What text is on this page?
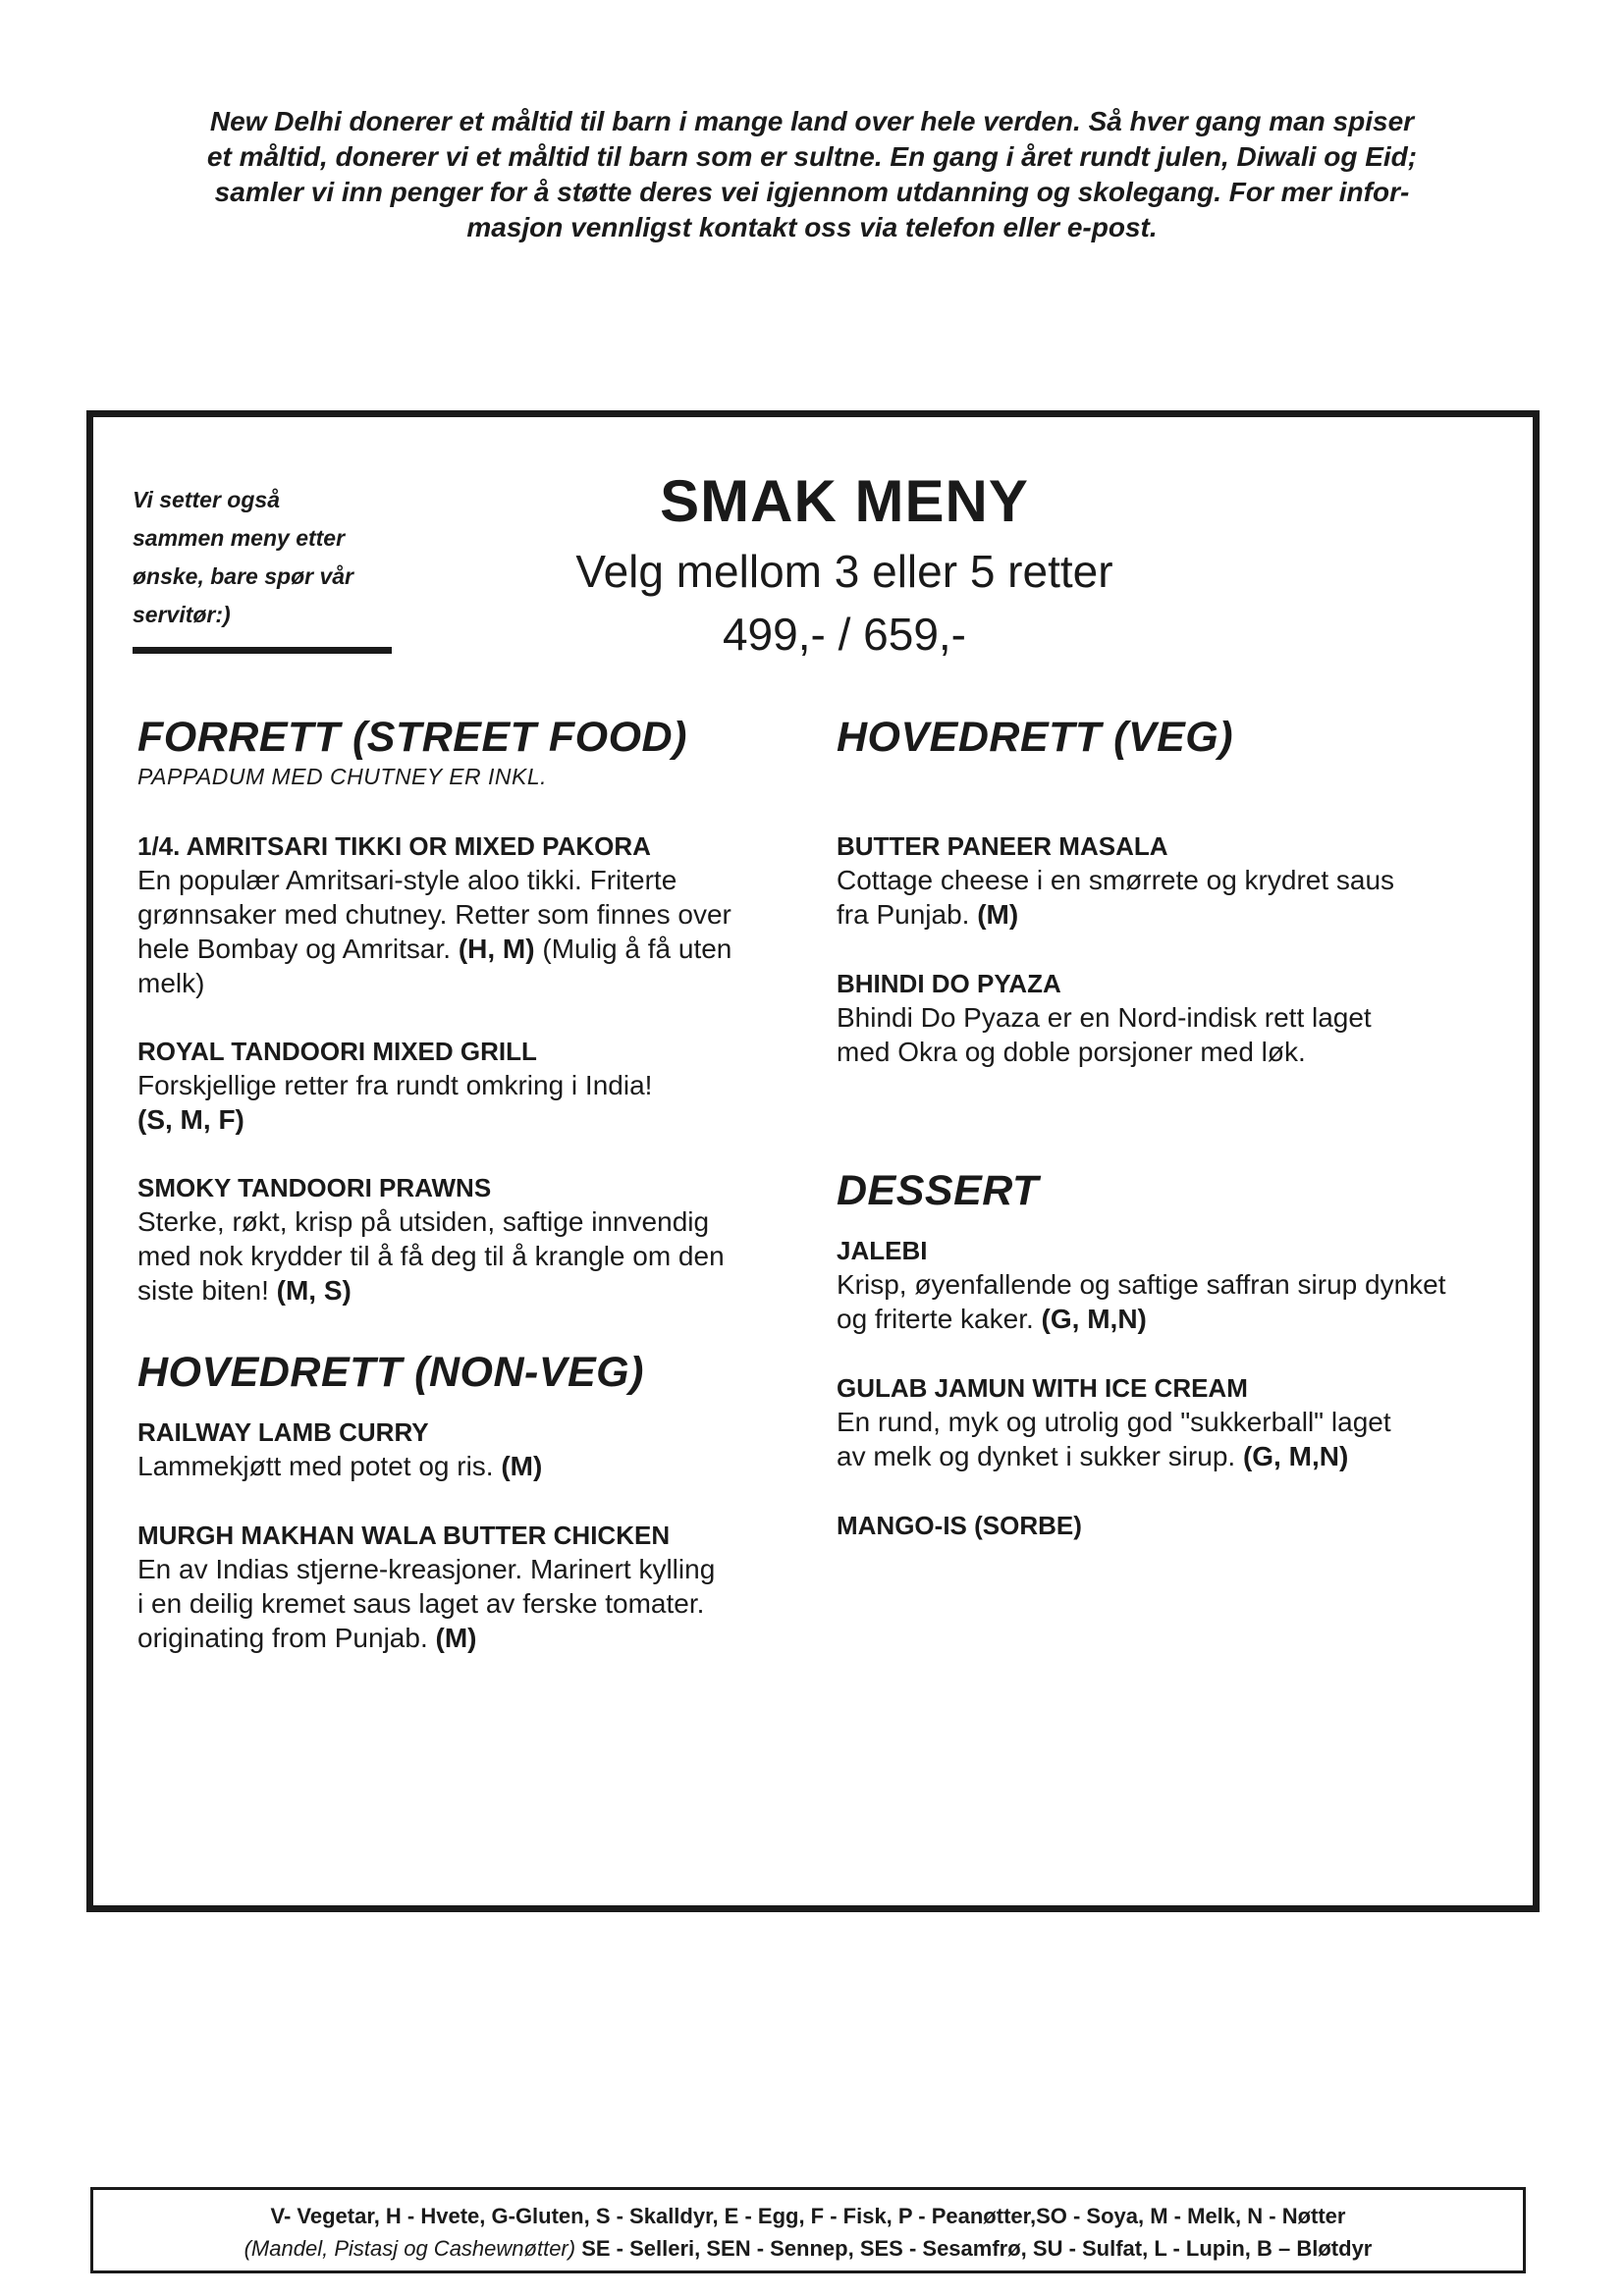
New Delhi donerer et måltid til barn i mange land over hele verden. Så hver gang man spiser
et måltid, donerer vi et måltid til barn som er sultne. En gang i året rundt julen, Diwali og Eid;
samler vi inn penger for å støtte deres vei igjennom utdanning og skolegang. For mer infor-
masjon vennligst kontakt oss via telefon eller e-post.
Vi setter også
sammen meny etter
ønske, bare spør vår
servitør:)

SMAK MENY

Velg mellom 3 eller 5 retter

499,- / 659,-

FORRETT (STREET FOOD)

PAPPADUM MED CHUTNEY ER INKL.

1/4. AMRITSARI TIKKI OR MIXED PAKORA

En populær Amritsari-style aloo tikki. Friterte

grønnsaker med chutney. Retter som finnes over

hele Bombay og Amritsar. (H, M) (Mulig å få uten

melk)

ROYAL TANDOORI MIXED GRILL

Forskjellige retter fra rundt omkring i India!

(S, M, F)

SMOKY TANDOORI PRAWNS

Sterke, røkt, krisp på utsiden, saftige innvendig

med nok krydder til å få deg til å krangle om den

siste biten! (M, S)

HOVEDRETT (NON-VEG)

RAILWAY LAMB CURRY

Lammekjøtt med potet og ris. (M)

MURGH MAKHAN WALA BUTTER CHICKEN

En av Indias stjerne-kreasjoner. Marinert kylling

i en deilig kremet saus laget av ferske tomater.

originating from Punjab. (M)

HOVEDRETT (VEG)

BUTTER PANEER MASALA

Cottage cheese i en smørrete og krydret saus

fra Punjab. (M)

BHINDI DO PYAZA

Bhindi Do Pyaza er en Nord-indisk rett laget

med Okra og doble porsjoner med løk.

DESSERT

JALEBI

Krisp, øyenfallende og saftige saffran sirup dynket

og friterte kaker. (G, M,N)

GULAB JAMUN WITH ICE CREAM

En rund, myk og utrolig god "sukkerball" laget

av melk og dynket i sukker sirup. (G, M,N)

MANGO-IS (SORBE)

V- Vegetar, H - Hvete, G-Gluten, S - Skalldyr, E - Egg, F - Fisk, P - Peanøtter,SO - Soya, M - Melk, N - Nøtter

(Mandel, Pistasj og Cashewnøtter) SE - Selleri, SEN - Sennep, SES - Sesamfrø, SU - Sulfat, L - Lupin, B – Bløtdyr
